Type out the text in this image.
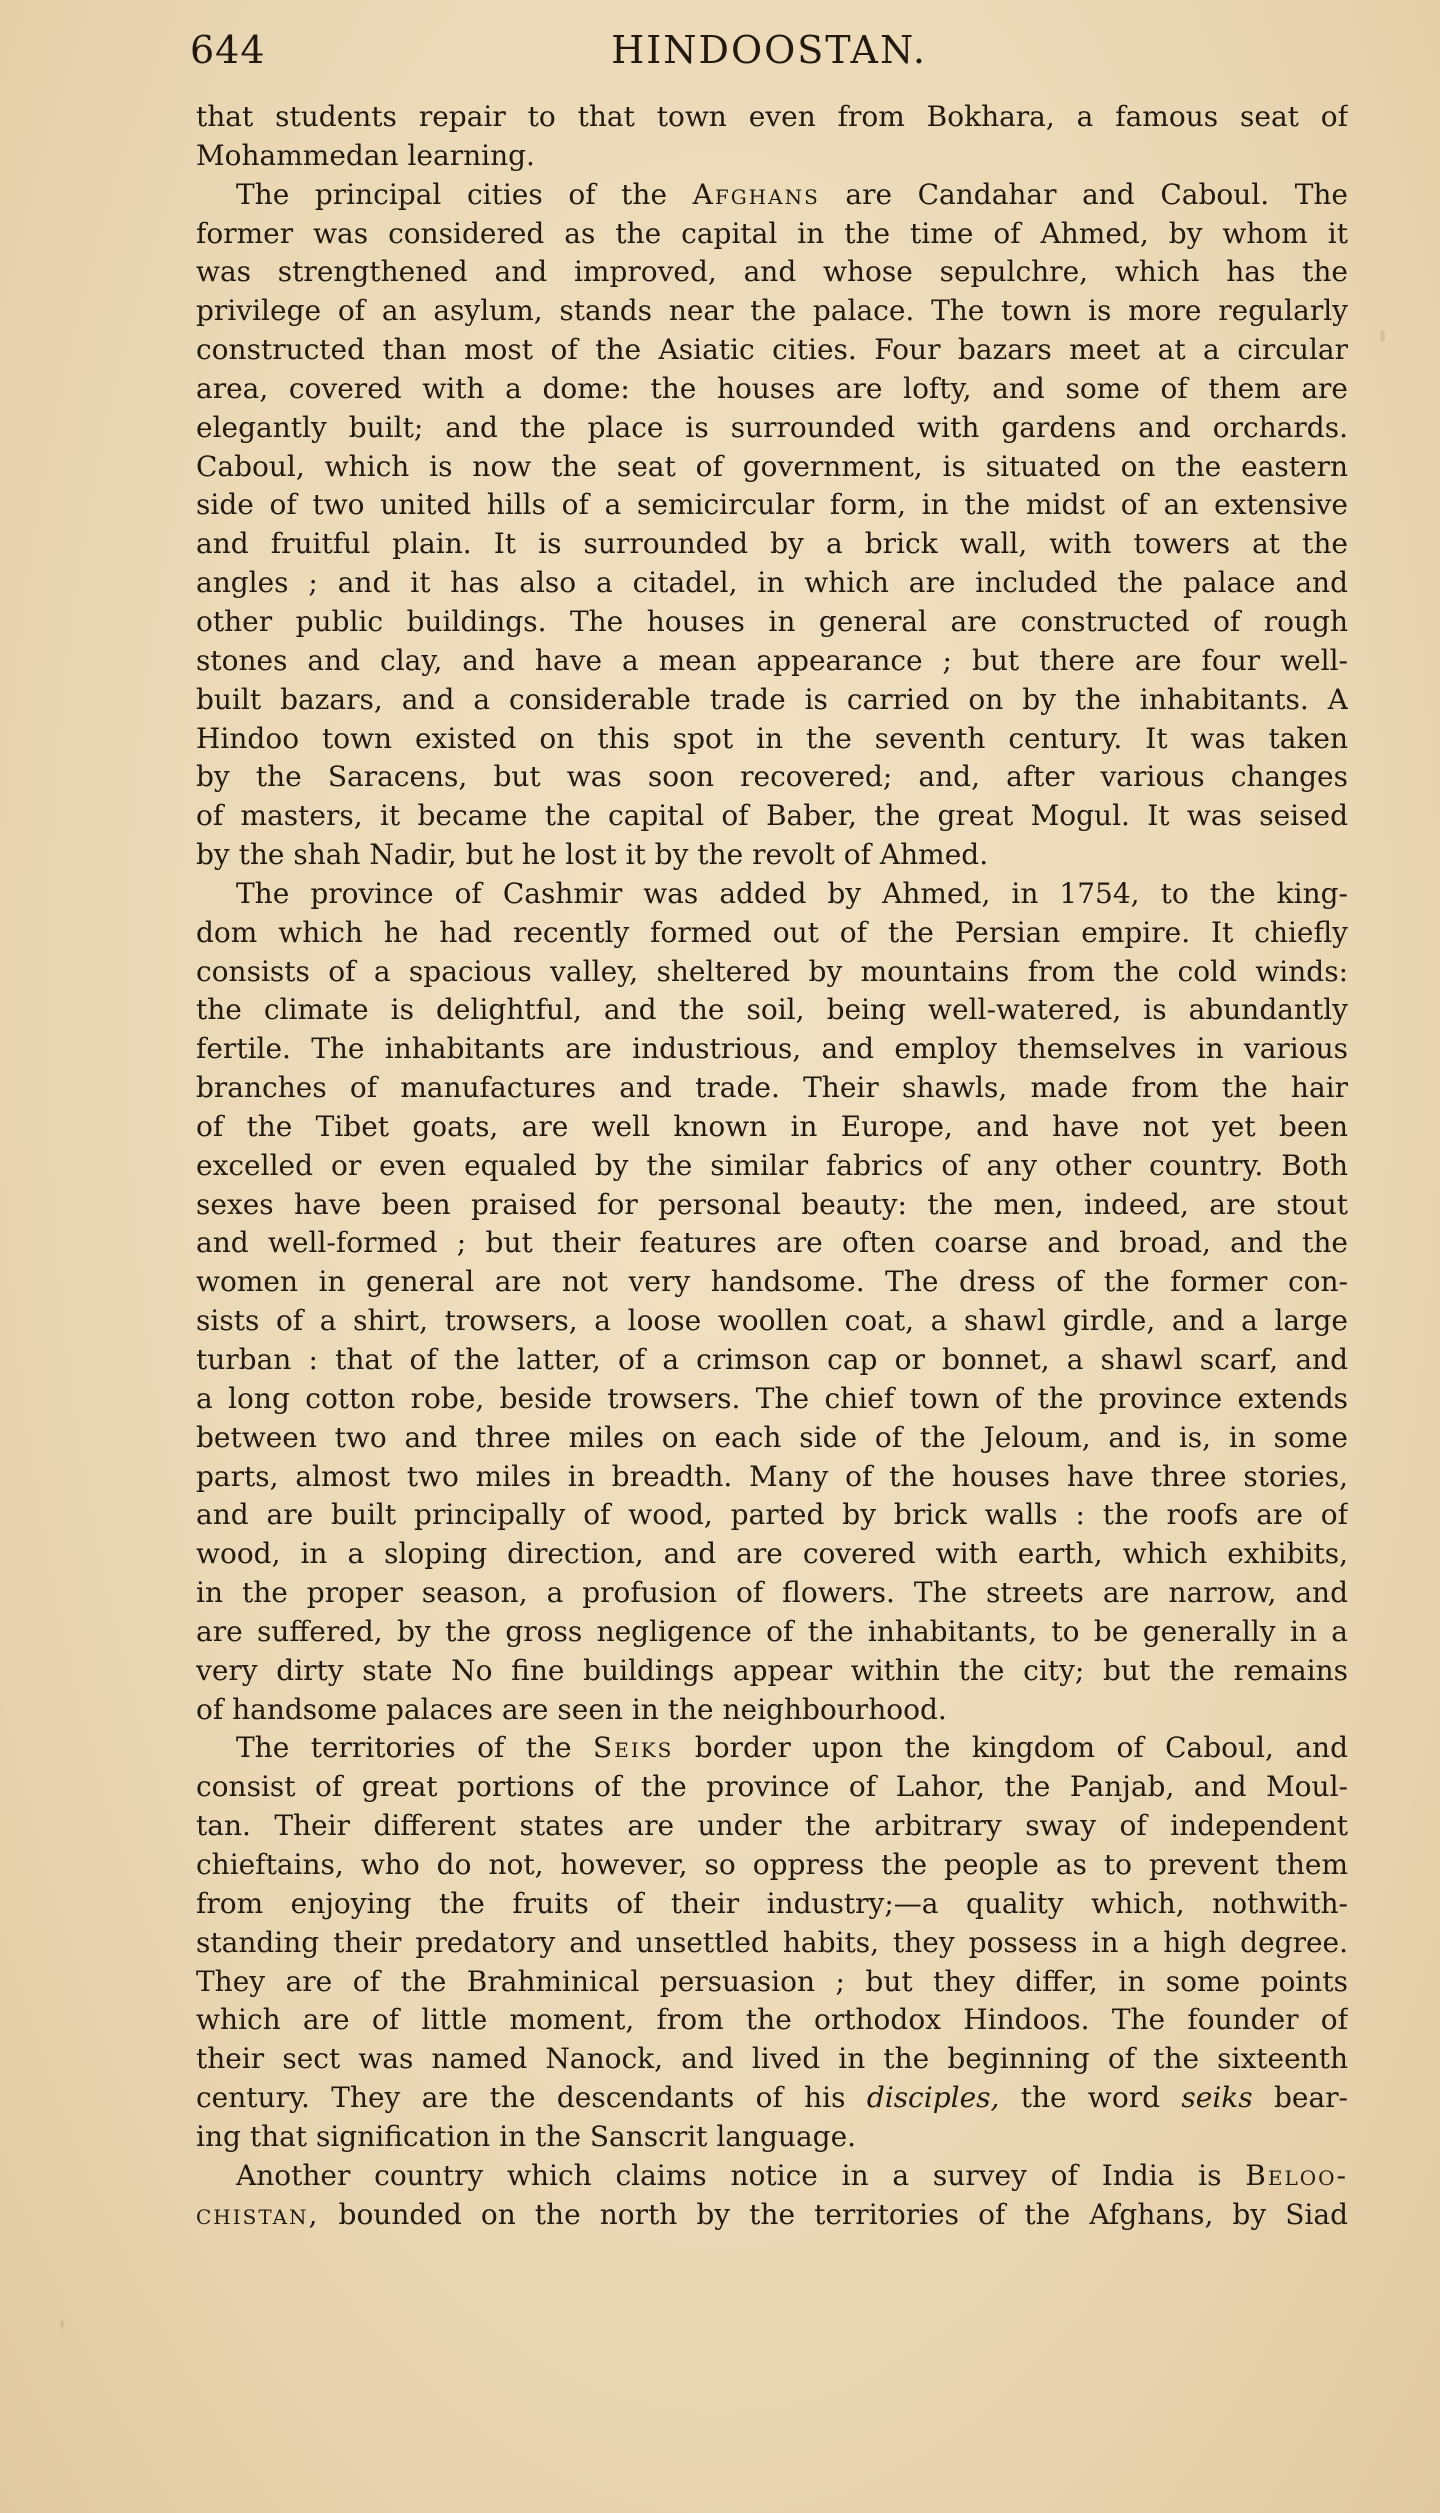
644	HINDOOSTAN.
that students repair to that town even from Bokhara, a famous seat of
Mohammedan learning.
The principal cities of the Afghans are Candahar and Caboul. The
former was considered as the capital in the time of Ahmed, by whom it
was strengthened and improved, and whose sepulchre, which has the
privilege of an asylum, stands near the palace. The town is more regularly
constructed than most of the Asiatic cities. Four bazars meet at a circular
area, covered with a dome: the houses are lofty, and some of them are
elegantly built; and the place is surrounded with gardens and orchards.
Caboul, which is now the seat of government, is situated on the eastern
side of two united hills of a semicircular form, in the midst of an extensive
and fruitful plain. It is surrounded by a brick wall, with towers at the
angles ; and it has also a citadel, in which are included the palace and
other public buildings. The houses in general are constructed of rough
stones and clay, and have a mean appearance ; but there are four well-
built bazars, and a considerable trade is carried on by the inhabitants. A
Hindoo town existed on this spot in the seventh century. It was taken
by the Saracens, but was soon recovered; and, after various changes
of masters, it became the capital of Baber, the great Mogul. It was seised
by the shah Nadir, but he lost it by the revolt of Ahmed.
The province of Cashmir was added by Ahmed, in 1754, to the king-
dom which he had recently formed out of the Persian empire. It chiefly
consists of a spacious valley, sheltered by mountains from the cold winds:
the climate is delightful, and the soil, being well-watered, is abundantly
fertile. The inhabitants are industrious, and employ themselves in various
branches of manufactures and trade. Their shawls, made from the hair
of the Tibet goats, are well known in Europe, and have not yet been
excelled or even equaled by the similar fabrics of any other country. Both
sexes have been praised for personal beauty: the men, indeed, are stout
and well-formed ; but their features are often coarse and broad, and the
women in general are not very handsome. The dress of the former con-
sists of a shirt, trowsers, a loose woollen coat, a shawl girdle, and a large
turban : that of the latter, of a crimson cap or bonnet, a shawl scarf, and
a long cotton robe, beside trowsers. The chief town of the province extends
between two and three miles on each side of the Jeloum, and is, in some
parts, almost two miles in breadth. Many of the houses have three stories,
and are built principally of wood, parted by brick walls : the roofs are of
wood, in a sloping direction, and are covered with earth, which exhibits,
in the proper season, a profusion of flowers. The streets are narrow, and
are suffered, by the gross negligence of the inhabitants, to be generally in a
very dirty state No fine buildings appear within the city; but the remains
of handsome palaces are seen in the neighbourhood.
The territories of the Seiks border upon the kingdom of Caboul, and
consist of great portions of the province of Lahor, the Panjab, and Moul-
tan. Their different states are under the arbitrary sway of independent
chieftains, who do not, however, so oppress the people as to prevent them
from enjoying the fruits of their industry;—a quality which, nothwith-
standing their predatory and unsettled habits, they possess in a high degree.
They are of the Brahminical persuasion ; but they differ, in some points
which are of little moment, from the orthodox Hindoos. The founder of
their sect was named Nanock, and lived in the beginning of the sixteenth
century. They are the descendants of his disciples, the word seiks bear-
ing that signification in the Sanscrit language.
Another country which claims notice in a survey of India is Beloo-
chistan, bounded on the north by the territories of the Afghans, by Siad
